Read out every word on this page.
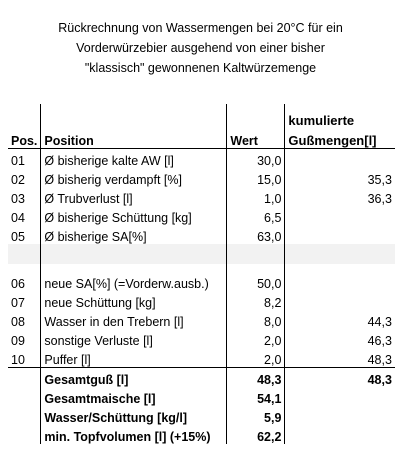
Rückrechnung von Wassermengen bei 20°C für ein
Vorderwürzebier ausgehend von einer bisher
"klassisch" gewonnenen Kaltwürzemenge
			kumulierte
Pos.	Position	Wert	Gußmengen[l]
01	Ø bisherige kalte AW [l]	30,0	
02	Ø bisherig verdampft [%]	15,0	35,3
03	Ø Trubverlust [l]	1,0	36,3
04	Ø bisherige Schüttung [kg]	6,5	
05	Ø bisherige SA[%]	63,0	

06	neue SA[%] (=Vorderw.ausb.)	50,0	
07	neue Schüttung [kg]	8,2	
08	Wasser in den Trebern [l]	8,0	44,3
09	sonstige Verluste [l]	2,0	46,3
10	Puffer [l]	2,0	48,3
	Gesamtguß [l]	48,3	48,3
	Gesamtmaische [l]	54,1	
	Wasser/Schüttung [kg/l]	5,9	
	min. Topfvolumen [l] (+15%)	62,2	
